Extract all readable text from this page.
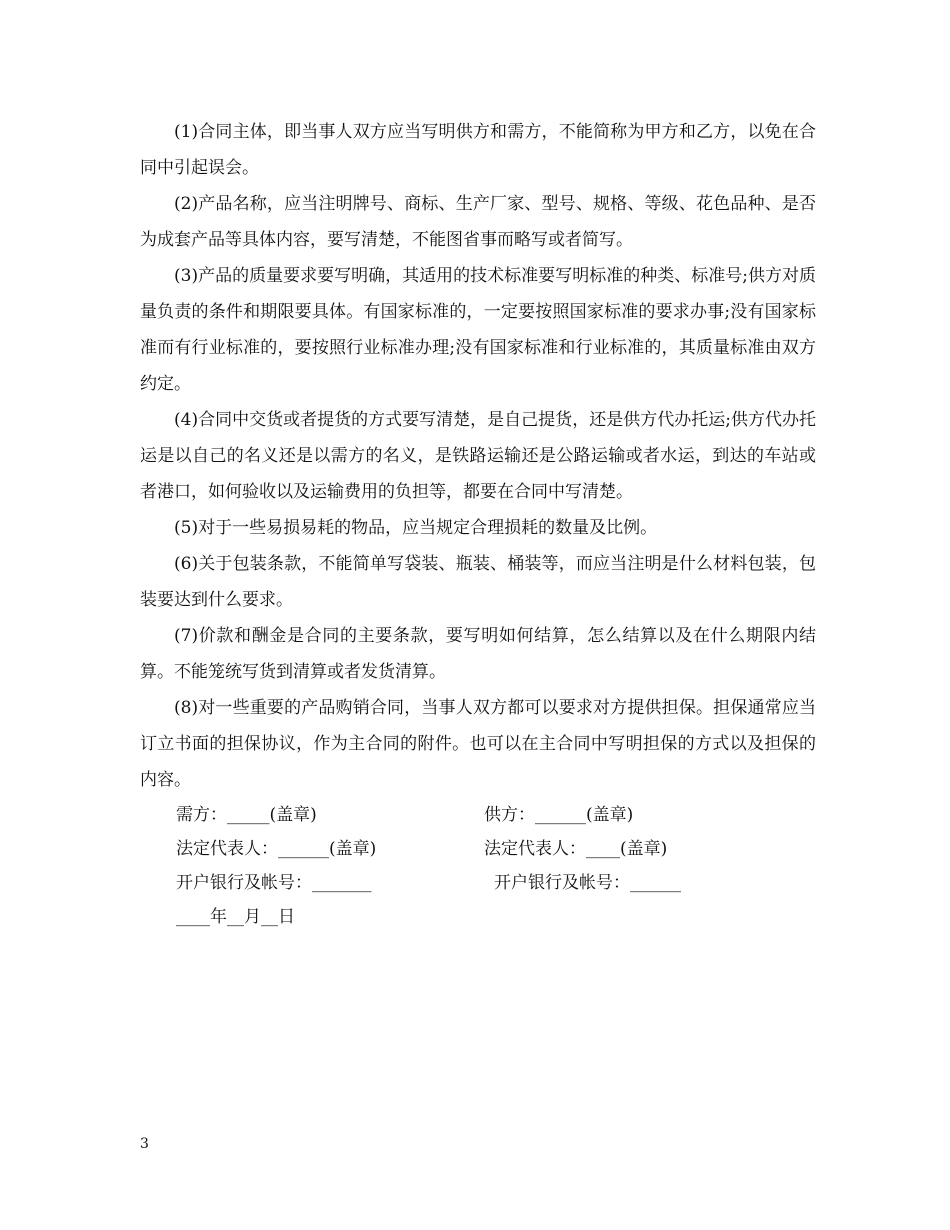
(1)合同主体，即当事人双方应当写明供方和需方，不能简称为甲方和乙方，以免在合同中引起误会。

(2)产品名称，应当注明牌号、商标、生产厂家、型号、规格、等级、花色品种、是否为成套产品等具体内容，要写清楚，不能图省事而略写或者简写。

(3)产品的质量要求要写明确，其适用的技术标准要写明标准的种类、标准号;供方对质量负责的条件和期限要具体。有国家标准的，一定要按照国家标准的要求办事;没有国家标准而有行业标准的，要按照行业标准办理;没有国家标准和行业标准的，其质量标准由双方约定。

(4)合同中交货或者提货的方式要写清楚，是自己提货，还是供方代办托运;供方代办托运是以自己的名义还是以需方的名义，是铁路运输还是公路运输或者水运，到达的车站或者港口，如何验收以及运输费用的负担等，都要在合同中写清楚。

(5)对于一些易损易耗的物品，应当规定合理损耗的数量及比例。

(6)关于包装条款，不能简单写袋装、瓶装、桶装等，而应当注明是什么材料包装，包装要达到什么要求。

(7)价款和酬金是合同的主要条款，要写明如何结算，怎么结算以及在什么期限内结算。不能笼统写货到清算或者发货清算。

(8)对一些重要的产品购销合同，当事人双方都可以要求对方提供担保。担保通常应当订立书面的担保协议，作为主合同的附件。也可以在主合同中写明担保的方式以及担保的内容。

需方：_____(盖章)	供方：______(盖章)
法定代表人：______(盖章)	法定代表人：____(盖章)
开户银行及帐号：_______	开户银行及帐号：______
____年__月__日
3
